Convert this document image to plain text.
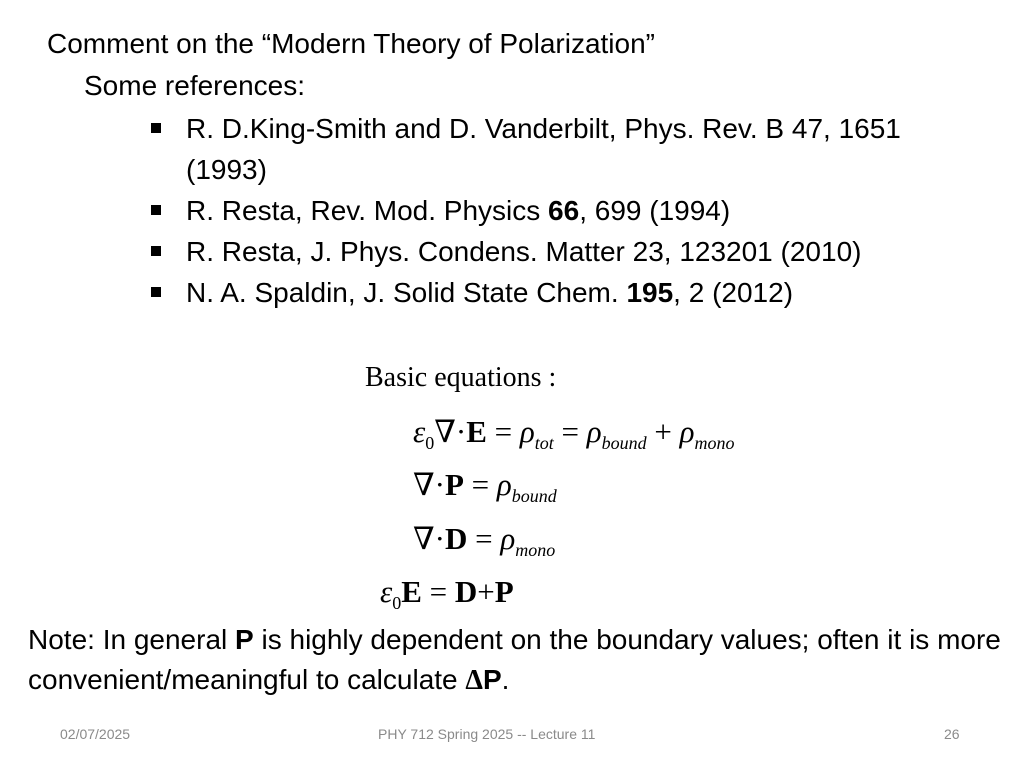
Comment on the “Modern Theory of Polarization”
Some references:
R. D.King-Smith and D. Vanderbilt, Phys. Rev. B 47, 1651 (1993)
R. Resta, Rev. Mod. Physics 66, 699 (1994)
R. Resta, J. Phys. Condens. Matter 23, 123201 (2010)
N. A. Spaldin, J. Solid State Chem. 195, 2 (2012)
Basic equations :
$\varepsilon_0\nabla\cdot E = \rho_{tot} = \rho_{bound} + \rho_{mono}$
$\nabla\cdot P = \rho_{bound}$
$\nabla\cdot D = \rho_{mono}$
$\varepsilon_0E = D+P$
Note: In general P is highly dependent on the boundary values; often it is more convenient/meaningful to calculate ΔP.
02/07/2025	PHY 712 Spring 2025 -- Lecture 11	26
